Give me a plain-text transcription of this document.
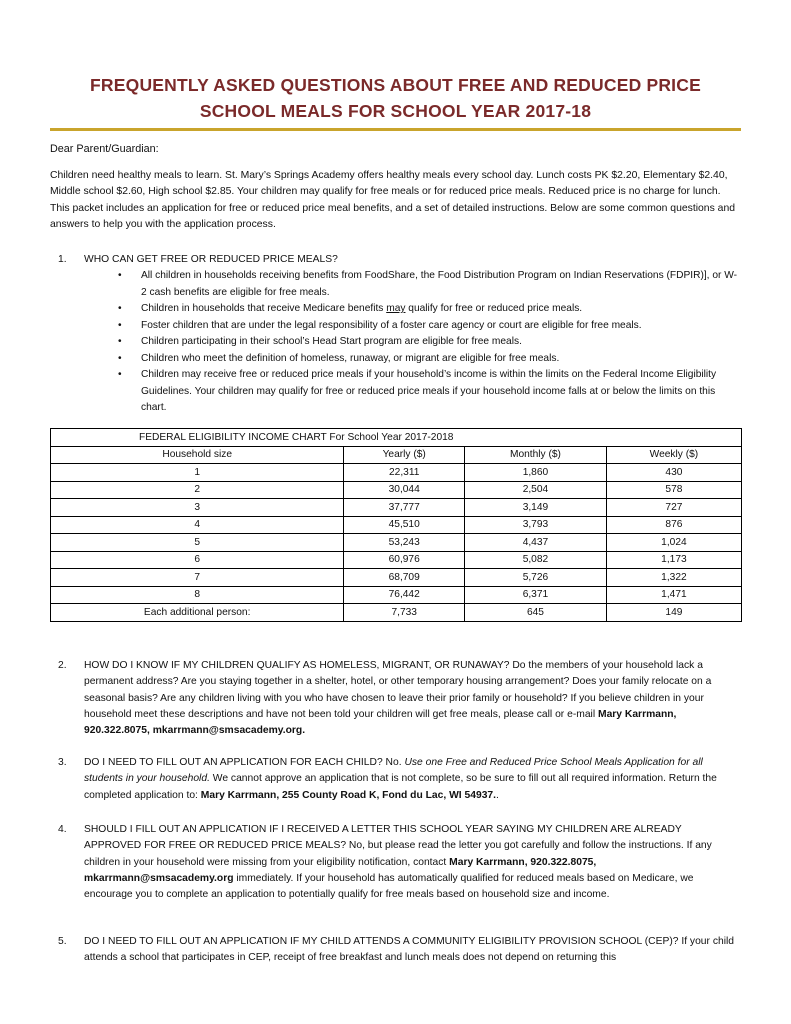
FREQUENTLY ASKED QUESTIONS ABOUT FREE AND REDUCED PRICE
SCHOOL MEALS FOR SCHOOL YEAR 2017-18
Dear Parent/Guardian:
Children need healthy meals to learn. St. Mary’s Springs Academy offers healthy meals every school day. Lunch costs PK $2.20, Elementary $2.40, Middle school $2.60, High school $2.85. Your children may qualify for free meals or for reduced price meals. Reduced price is no charge for lunch. This packet includes an application for free or reduced price meal benefits, and a set of detailed instructions. Below are some common questions and answers to help you with the application process.
1. WHO CAN GET FREE OR REDUCED PRICE MEALS?
• All children in households receiving benefits from FoodShare, the Food Distribution Program on Indian Reservations (FDPIR)], or W-2 cash benefits are eligible for free meals.
• Children in households that receive Medicare benefits may qualify for free or reduced price meals.
• Foster children that are under the legal responsibility of a foster care agency or court are eligible for free meals.
• Children participating in their school’s Head Start program are eligible for free meals.
• Children who meet the definition of homeless, runaway, or migrant are eligible for free meals.
• Children may receive free or reduced price meals if your household’s income is within the limits on the Federal Income Eligibility Guidelines. Your children may qualify for free or reduced price meals if your household income falls at or below the limits on this chart.
FEDERAL ELIGIBILITY INCOME CHART For School Year 2017-2018			
Household size	Yearly ($)	Monthly ($)	Weekly ($)
1	22,311	1,860	430
2	30,044	2,504	578
3	37,777	3,149	727
4	45,510	3,793	876
5	53,243	4,437	1,024
6	60,976	5,082	1,173
7	68,709	5,726	1,322
8	76,442	6,371	1,471
Each additional person:	7,733	645	149
2. HOW DO I KNOW IF MY CHILDREN QUALIFY AS HOMELESS, MIGRANT, OR RUNAWAY? Do the members of your household lack a permanent address? Are you staying together in a shelter, hotel, or other temporary housing arrangement? Does your family relocate on a seasonal basis? Are any children living with you who have chosen to leave their prior family or household? If you believe children in your household meet these descriptions and have not been told your children will get free meals, please call or e-mail Mary Karrmann, 920.322.8075, mkarrmann@smsacademy.org.
3. DO I NEED TO FILL OUT AN APPLICATION FOR EACH CHILD? No. Use one Free and Reduced Price School Meals Application for all students in your household. We cannot approve an application that is not complete, so be sure to fill out all required information. Return the completed application to: Mary Karrmann, 255 County Road K, Fond du Lac, WI 54937..
4. SHOULD I FILL OUT AN APPLICATION IF I RECEIVED A LETTER THIS SCHOOL YEAR SAYING MY CHILDREN ARE ALREADY APPROVED FOR FREE OR REDUCED PRICE MEALS? No, but please read the letter you got carefully and follow the instructions. If any children in your household were missing from your eligibility notification, contact Mary Karrmann, 920.322.8075, mkarrmann@smsacademy.org immediately. If your household has automatically qualified for reduced meals based on Medicare, we encourage you to complete an application to potentially qualify for free meals based on household size and income.
5. DO I NEED TO FILL OUT AN APPLICATION IF MY CHILD ATTENDS A COMMUNITY ELIGIBILITY PROVISION SCHOOL (CEP)? If your child attends a school that participates in CEP, receipt of free breakfast and lunch meals does not depend on returning this
